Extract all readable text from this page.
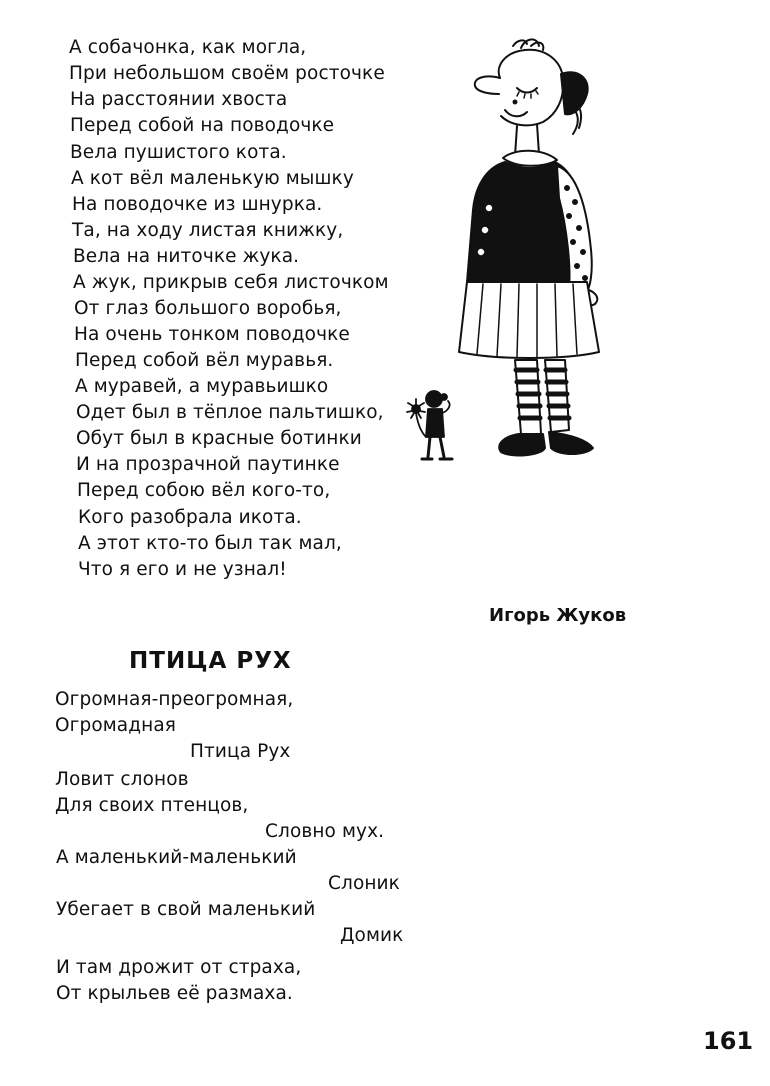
А собачонка, как могла,
При небольшом своём росточке
На расстоянии хвоста
Перед собой на поводочке
Вела пушистого кота.
А кот вёл маленькую мышку
На поводочке из шнурка.
Та, на ходу листая книжку,
Вела на ниточке жука.
А жук, прикрыв себя листочком
От глаз большого воробья,
На очень тонком поводочке
Перед собой вёл муравья.
А муравей, а муравьишко
Одет был в тёплое пальтишко,
Обут был в красные ботинки
И на прозрачной паутинке
Перед собою вёл кого-то,
Кого разобрала икота.
А этот кто-то был так мал,
Что я его и не узнал!
Игорь Жуков
ПТИЦА РУХ
Огромная-преогромная,
Огромадная
Птица Рух
Ловит слонов
Для своих птенцов,
Словно мух.
А маленький-маленький
Слоник
Убегает в свой маленький
Домик
И там дрожит от страха,
От крыльев её размаха.
161
